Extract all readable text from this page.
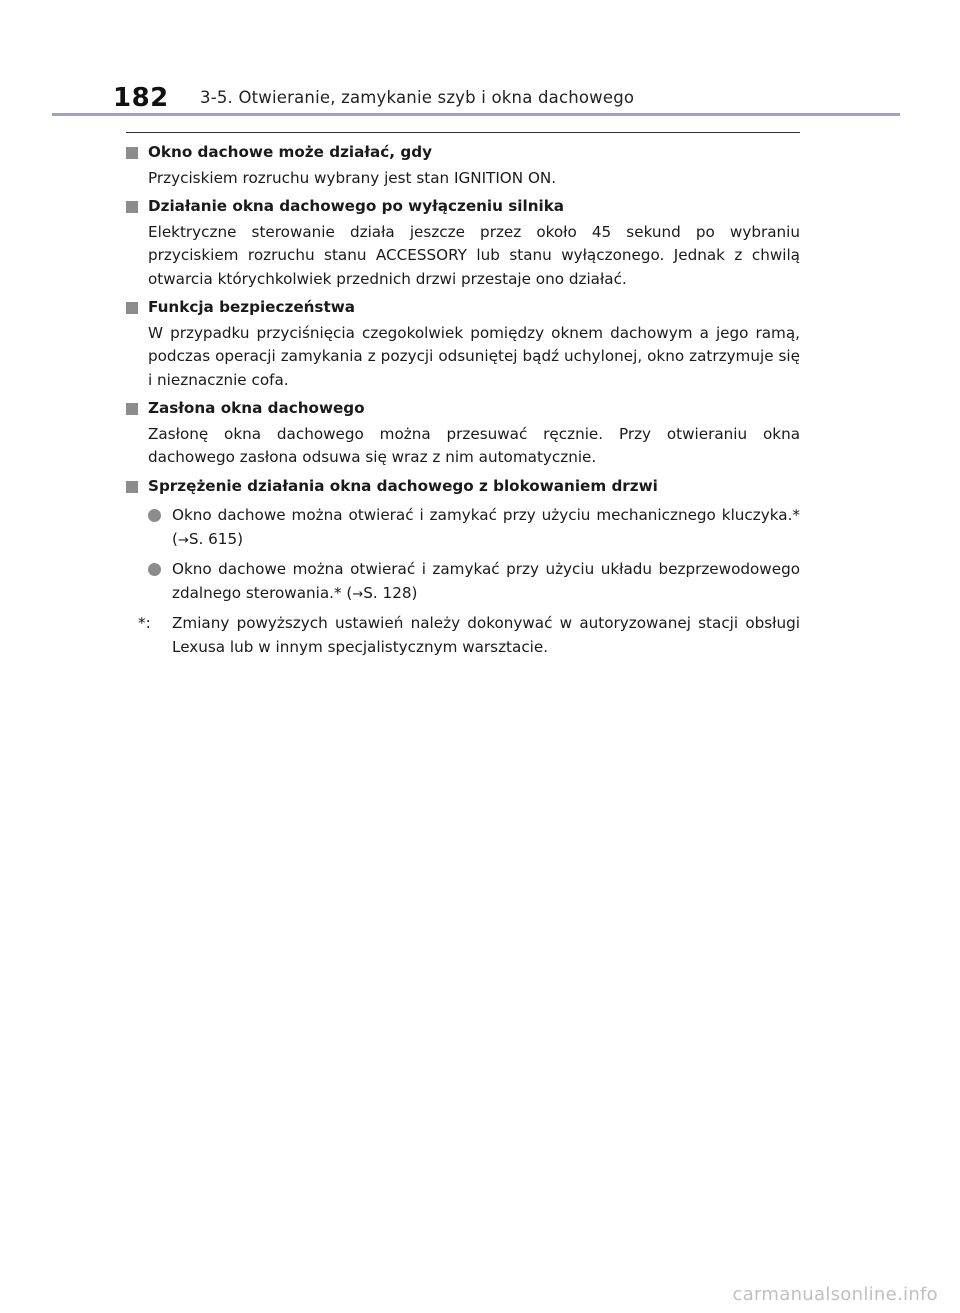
182 3-5. Otwieranie, zamykanie szyb i okna dachowego
Okno dachowe może działać, gdy
Przyciskiem rozruchu wybrany jest stan IGNITION ON.
Działanie okna dachowego po wyłączeniu silnika
Elektryczne sterowanie działa jeszcze przez około 45 sekund po wybraniu przyciskiem rozruchu stanu ACCESSORY lub stanu wyłączonego. Jednak z chwilą otwarcia którychkolwiek przednich drzwi przestaje ono działać.
Funkcja bezpieczeństwa
W przypadku przyciśnięcia czegokolwiek pomiędzy oknem dachowym a jego ramą, podczas operacji zamykania z pozycji odsuniętej bądź uchylonej, okno zatrzymuje się i nieznacznie cofa.
Zasłona okna dachowego
Zasłonę okna dachowego można przesuwać ręcznie. Przy otwieraniu okna dachowego zasłona odsuwa się wraz z nim automatycznie.
Sprzężenie działania okna dachowego z blokowaniem drzwi
Okno dachowe można otwierać i zamykać przy użyciu mechanicznego kluczyka.* (→S. 615)
Okno dachowe można otwierać i zamykać przy użyciu układu bezprzewodowego zdalnego sterowania.* (→S. 128)
*: Zmiany powyższych ustawień należy dokonywać w autoryzowanej stacji obsługi Lexusa lub w innym specjalistycznym warsztacie.
carmanualsonline.info
